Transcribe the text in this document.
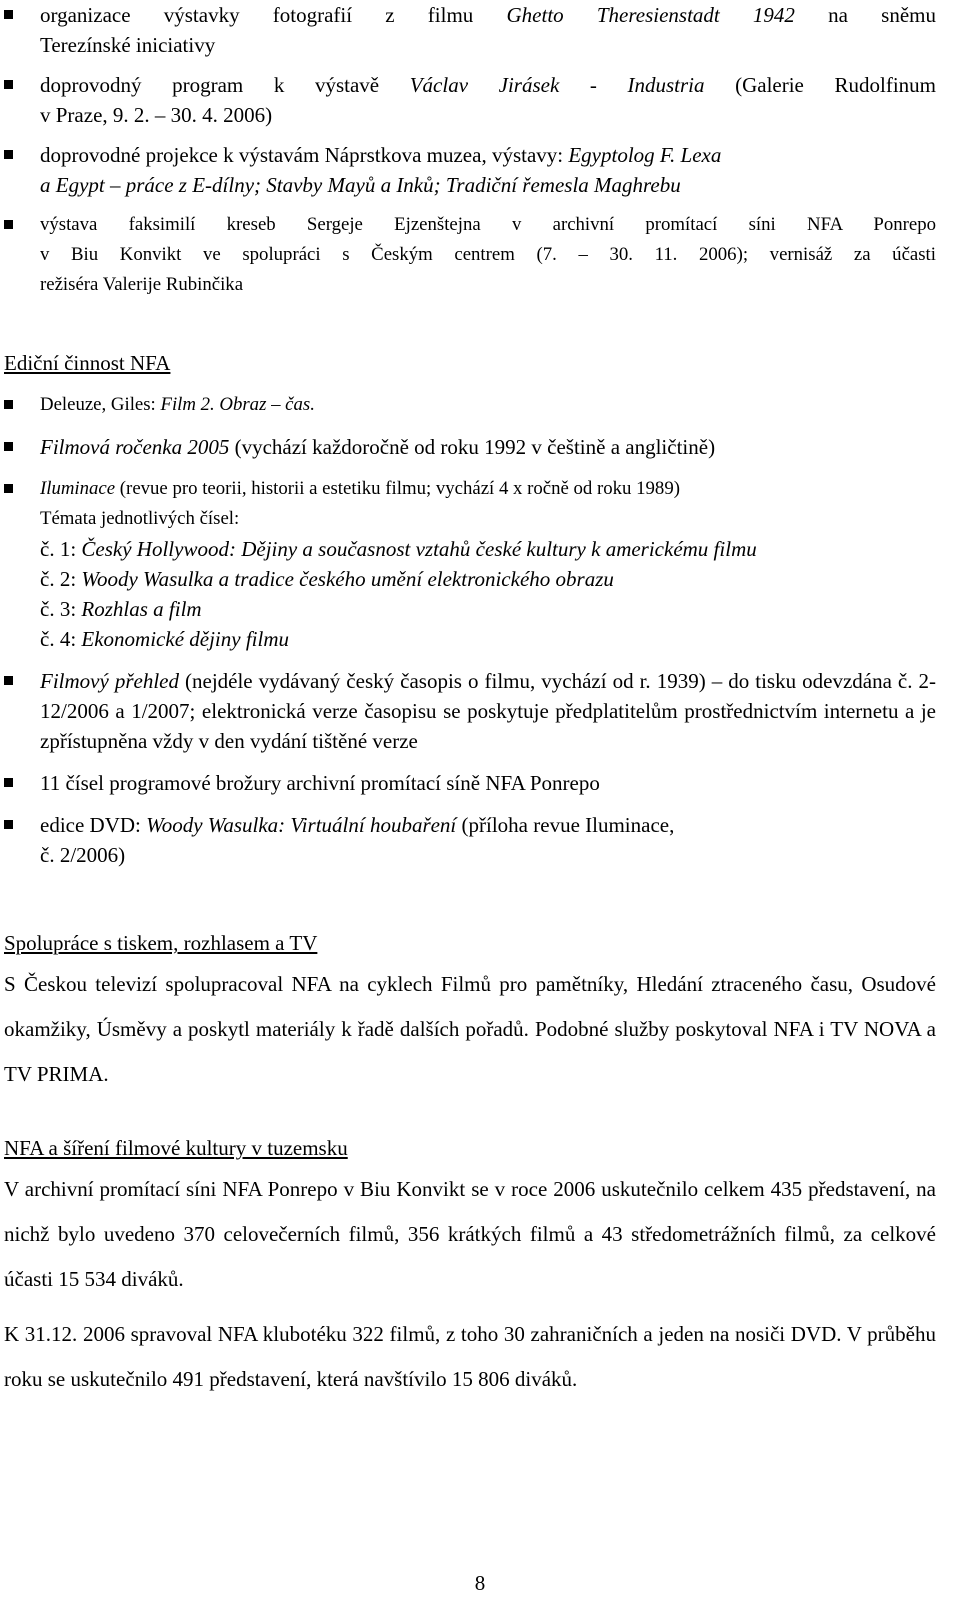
organizace výstavky fotografií z filmu Ghetto Theresienstadt 1942 na sněmu
Terezínské iniciativy
doprovodný program k výstavě Václav Jirásek - Industria (Galerie Rudolfinum
v Praze, 9. 2. – 30. 4. 2006)
doprovodné projekce k výstavám Náprstkova muzea, výstavy: Egyptolog F. Lexa
a Egypt – práce z E-dílny; Stavby Mayů a Inků; Tradiční řemesla Maghrebu
výstava faksimilí kreseb Sergeje Ejzenštejna v archivní promítací síni NFA Ponrepo
v Biu Konvikt ve spolupráci s Českým centrem (7. – 30. 11. 2006); vernisáž za účasti
režiséra Valerije Rubinčika
Ediční činnost NFA
Deleuze, Giles: Film 2. Obraz – čas.
Filmová ročenka 2005 (vychází každoročně od roku 1992 v češtině a angličtině)
Iluminace (revue pro teorii, historii a estetiku filmu; vychází 4 x ročně od roku 1989)
Témata jednotlivých čísel:
č. 1: Český Hollywood: Dějiny a současnost vztahů české kultury k americkému filmu
č. 2: Woody Wasulka a tradice českého umění elektronického obrazu
č. 3: Rozhlas a film
č. 4: Ekonomické dějiny filmu
Filmový přehled (nejdéle vydávaný český časopis o filmu, vychází od r. 1939) – do tisku odevzdána č. 2-12/2006 a 1/2007; elektronická verze časopisu se poskytuje předplatitelům prostřednictvím internetu a je zpřístupněna vždy v den vydání tištěné verze
11 čísel programové brožury archivní promítací síně NFA Ponrepo
edice DVD: Woody Wasulka: Virtuální houbaření (příloha revue Iluminace,
č. 2/2006)
Spolupráce s tiskem, rozhlasem a TV

S Českou televizí spolupracoval NFA na cyklech Filmů pro pamětníky, Hledání ztraceného času, Osudové okamžiky, Úsměvy a poskytl materiály k řadě dalších pořadů. Podobné služby poskytoval NFA i TV NOVA a TV PRIMA.

NFA a šíření filmové kultury v tuzemsku

V archivní promítací síni NFA Ponrepo v Biu Konvikt se v roce 2006 uskutečnilo celkem 435 představení, na nichž bylo uvedeno 370 celovečerních filmů, 356 krátkých filmů a 43 středometrážních filmů, za celkové účasti 15 534 diváků.

K 31.12. 2006 spravoval NFA klubotéku 322 filmů, z toho 30 zahraničních a jeden na nosiči DVD. V průběhu roku se uskutečnilo 491 představení, která navštívilo 15 806 diváků.

8
